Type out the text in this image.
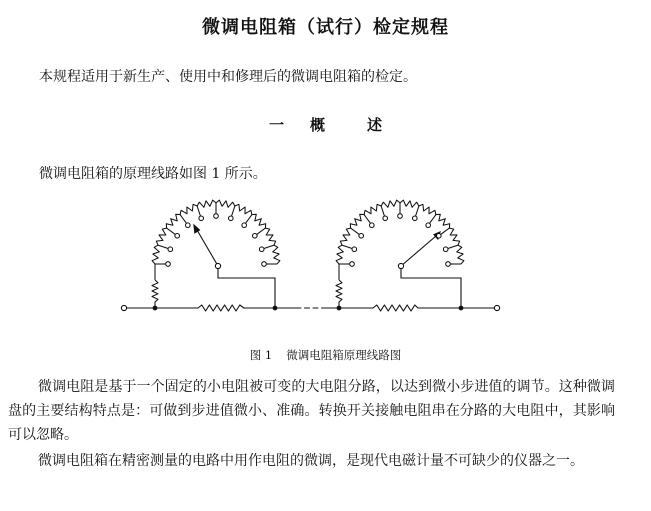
微调电阻箱（试行）检定规程
本规程适用于新生产、使用中和修理后的微调电阻箱的检定。
一 概	述
微调电阻箱的原理线路如图 1 所示。
图 1 微调电阻箱原理线路图
微调电阻是基于一个固定的小电阻被可变的大电阻分路，以达到微小步进值的调节。这种微调盘的主要结构特点是：可做到步进值微小、准确。转换开关接触电阻串在分路的大电阻中，其影响可以忽略。
微调电阻箱在精密测量的电路中用作电阻的微调，是现代电磁计量不可缺少的仪器之一。
